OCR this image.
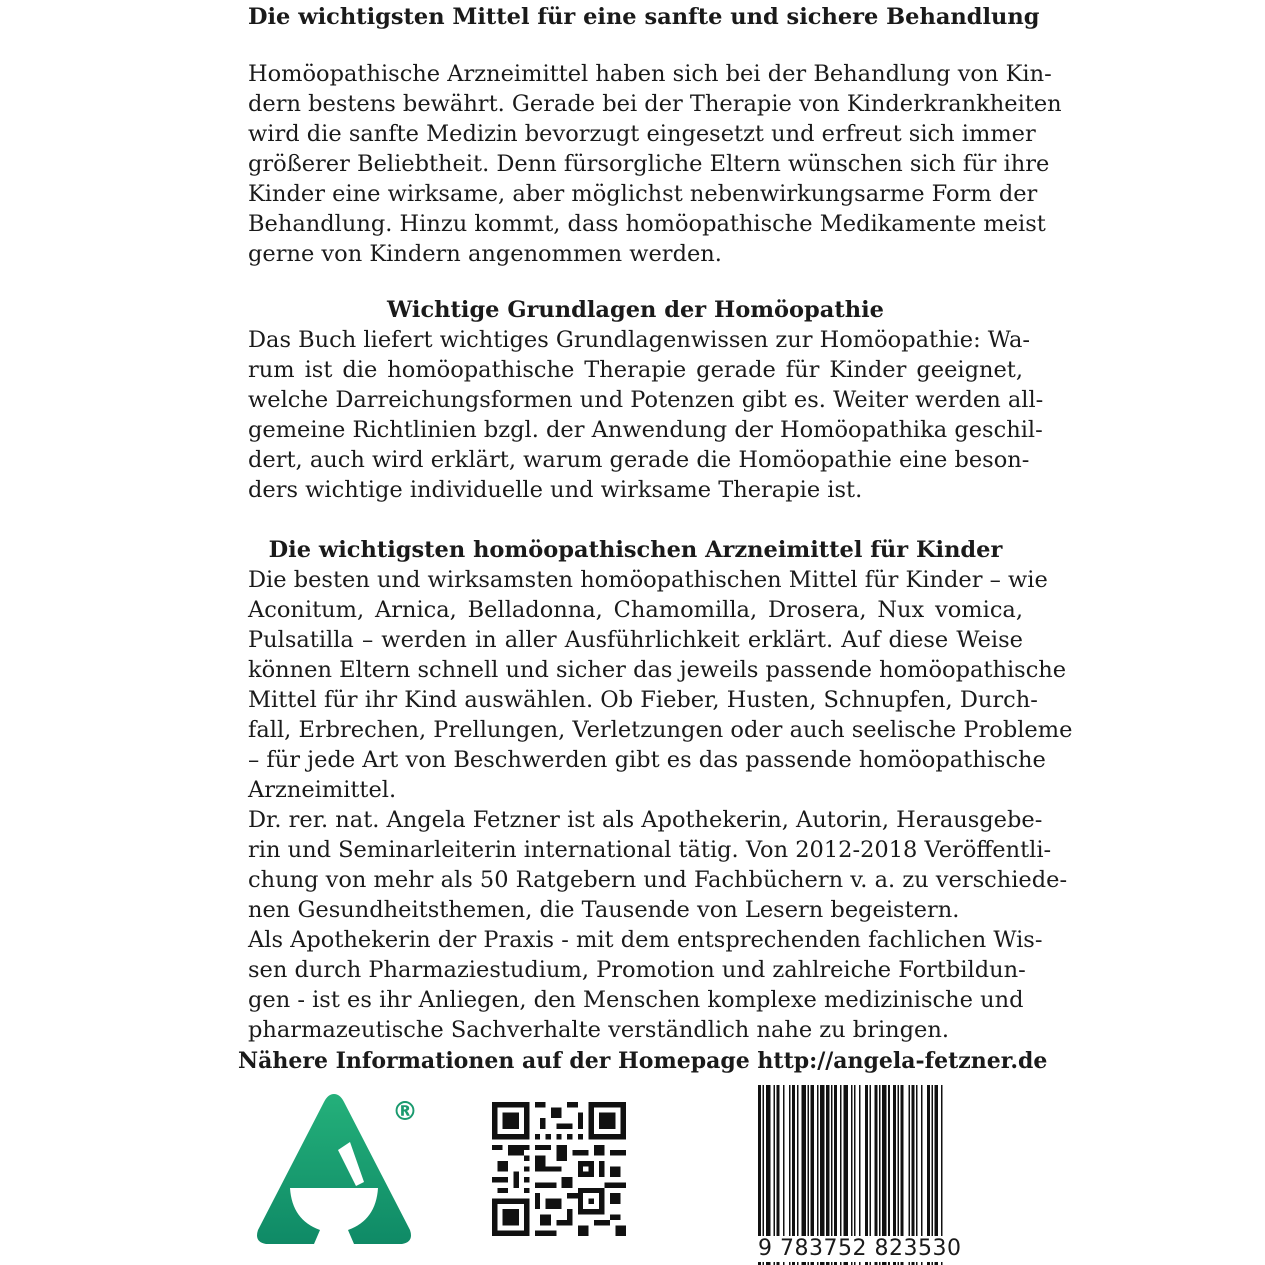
Die wichtigsten Mittel für eine sanfte und sichere Behandlung
Homöopathische Arzneimittel haben sich bei der Behandlung von Kin-
dern bestens bewährt. Gerade bei der Therapie von Kinderkrankheiten
wird die sanfte Medizin bevorzugt eingesetzt und erfreut sich immer
größerer Beliebtheit. Denn fürsorgliche Eltern wünschen sich für ihre
Kinder eine wirksame, aber möglichst nebenwirkungsarme Form der
Behandlung. Hinzu kommt, dass homöopathische Medikamente meist
gerne von Kindern angenommen werden.
Wichtige Grundlagen der Homöopathie
Das Buch liefert wichtiges Grundlagenwissen zur Homöopathie: Wa-
rum ist die homöopathische Therapie gerade für Kinder geeignet,
welche Darreichungsformen und Potenzen gibt es. Weiter werden all-
gemeine Richtlinien bzgl. der Anwendung der Homöopathika geschil-
dert, auch wird erklärt, warum gerade die Homöopathie eine beson-
ders wichtige individuelle und wirksame Therapie ist.
Die wichtigsten homöopathischen Arzneimittel für Kinder
Die besten und wirksamsten homöopathischen Mittel für Kinder – wie
Aconitum, Arnica, Belladonna, Chamomilla, Drosera, Nux vomica,
Pulsatilla – werden in aller Ausführlichkeit erklärt. Auf diese Weise
können Eltern schnell und sicher das jeweils passende homöopathische
Mittel für ihr Kind auswählen. Ob Fieber, Husten, Schnupfen, Durch-
fall, Erbrechen, Prellungen, Verletzungen oder auch seelische Probleme
– für jede Art von Beschwerden gibt es das passende homöopathische
Arzneimittel.
Dr. rer. nat. Angela Fetzner ist als Apothekerin, Autorin, Herausgebe-
rin und Seminarleiterin international tätig. Von 2012-2018 Veröffentli-
chung von mehr als 50 Ratgebern und Fachbüchern v. a. zu verschiede-
nen Gesundheitsthemen, die Tausende von Lesern begeistern.
Als Apothekerin der Praxis - mit dem entsprechenden fachlichen Wis-
sen durch Pharmaziestudium, Promotion und zahlreiche Fortbildun-
gen - ist es ihr Anliegen, den Menschen komplexe medizinische und
pharmazeutische Sachverhalte verständlich nahe zu bringen.
Nähere Informationen auf der Homepage http://angela-fetzner.de
®
9 783752 823530
